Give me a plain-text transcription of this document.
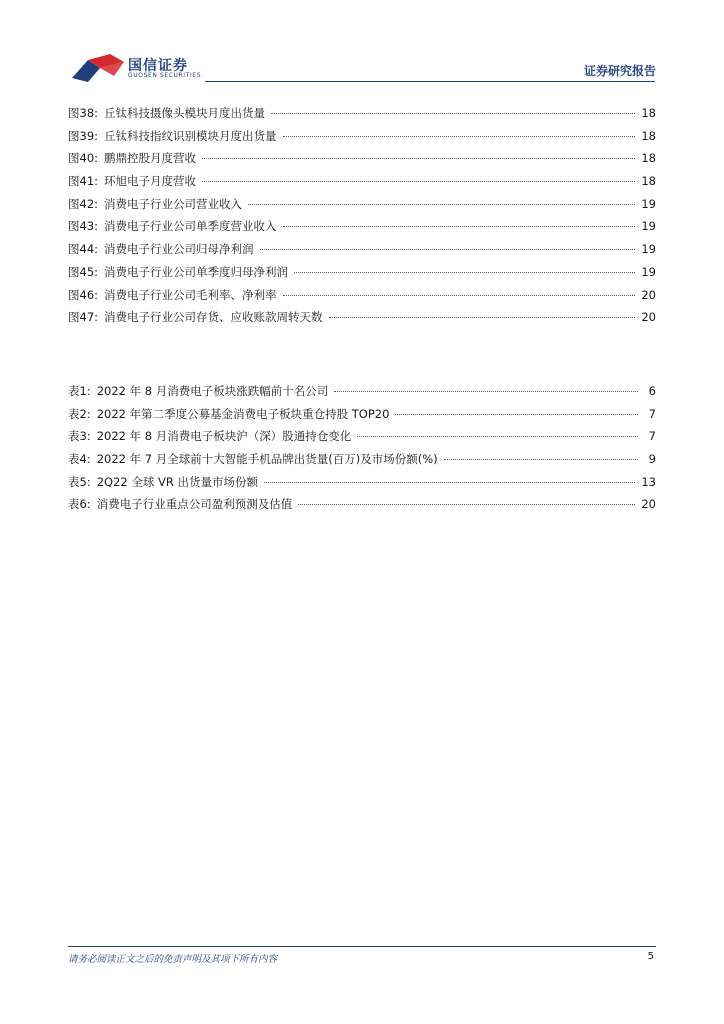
国信证券
GUOSEN SECURITIES	证券研究报告
图38: 丘钛科技摄像头模块月度出货量	18
图39: 丘钛科技指纹识别模块月度出货量	18
图40: 鹏鼎控股月度营收	18
图41: 环旭电子月度营收	18
图42: 消费电子行业公司营业收入	19
图43: 消费电子行业公司单季度营业收入	19
图44: 消费电子行业公司归母净利润	19
图45: 消费电子行业公司单季度归母净利润	19
图46: 消费电子行业公司毛利率、净利率	20
图47: 消费电子行业公司存货、应收账款周转天数	20
表1: 2022 年 8 月消费电子板块涨跌幅前十名公司	6
表2: 2022 年第二季度公募基金消费电子板块重仓持股 TOP20	7
表3: 2022 年 8 月消费电子板块沪（深）股通持仓变化	7
表4: 2022 年 7 月全球前十大智能手机品牌出货量(百万)及市场份额(%)	9
表5: 2Q22 全球 VR 出货量市场份额	13
表6: 消费电子行业重点公司盈利预测及估值	20
请务必阅读正文之后的免责声明及其项下所有内容	5
